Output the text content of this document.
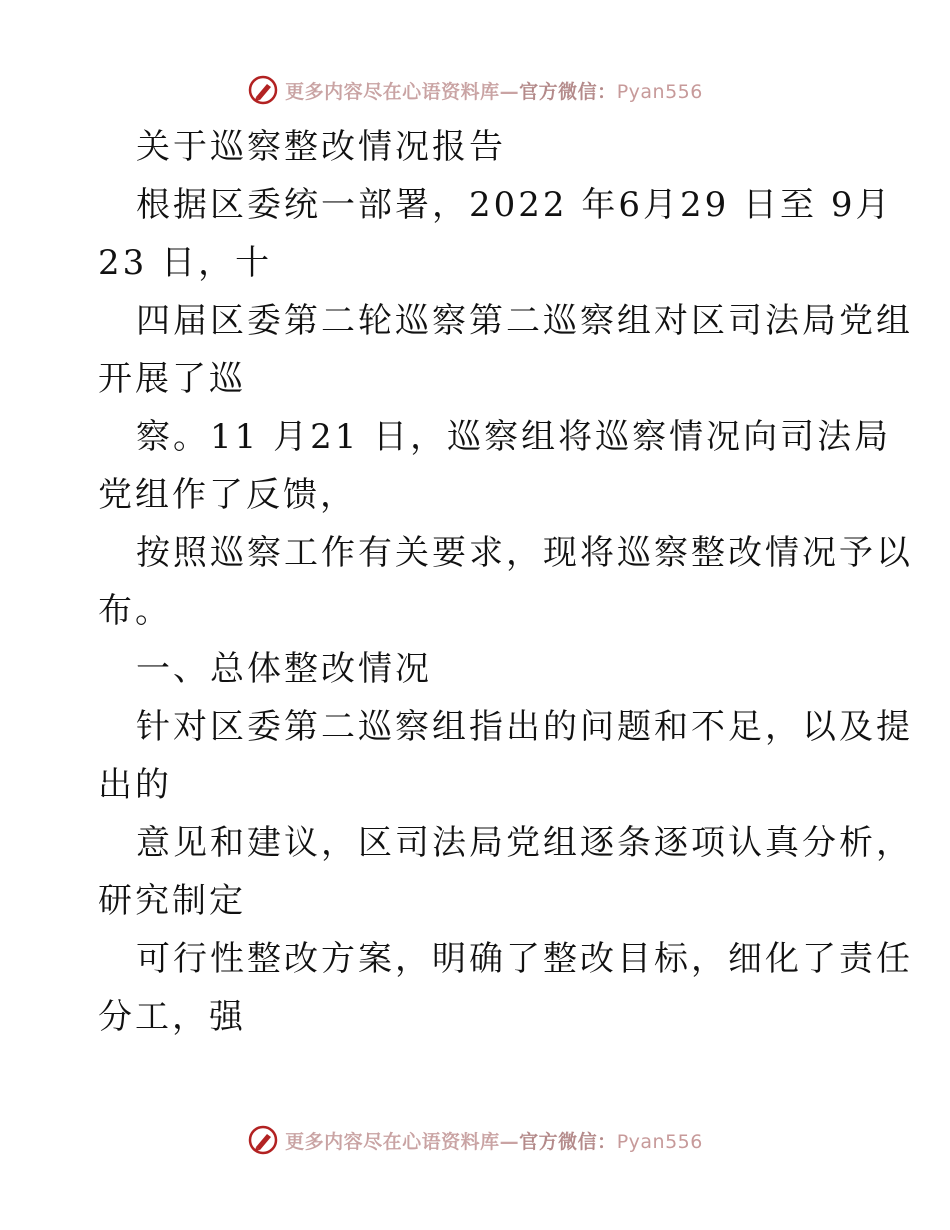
更多内容尽在心语资料库—官方微信：Pyan556
关于巡察整改情况报告
根据区委统一部署，2022 年6月29 日至 9月
23 日，十
四届区委第二轮巡察第二巡察组对区司法局党组
开展了巡
察。11 月21 日，巡察组将巡察情况向司法局
党组作了反馈，
按照巡察工作有关要求，现将巡察整改情况予以
布。
一、总体整改情况
针对区委第二巡察组指出的问题和不足，以及提
出的
意见和建议，区司法局党组逐条逐项认真分析，
研究制定
可行性整改方案，明确了整改目标，细化了责任
分工，强
更多内容尽在心语资料库—官方微信：Pyan556
